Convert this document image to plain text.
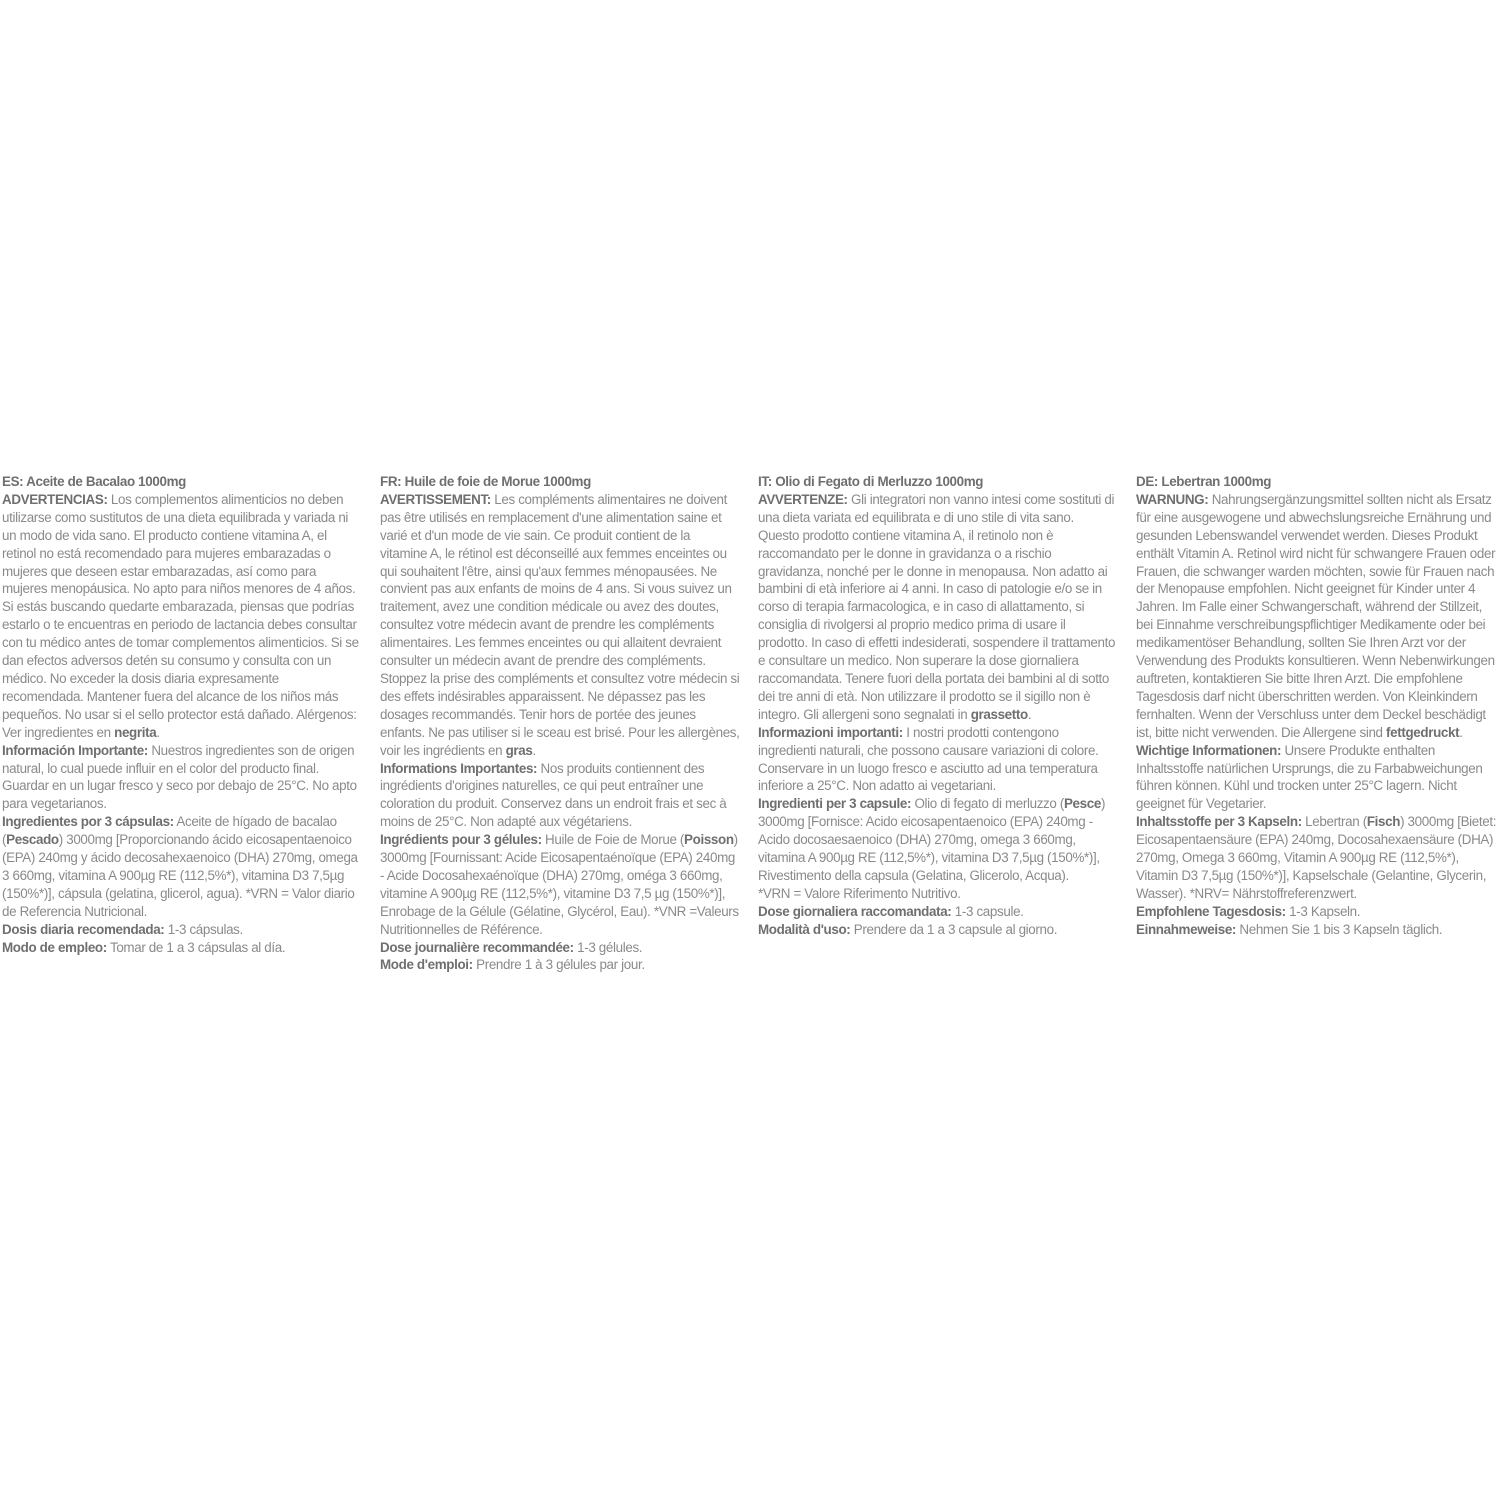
ES: Aceite de Bacalao 1000mg

ADVERTENCIAS: Los complementos alimenticios no deben utilizarse como sustitutos de una dieta equilibrada y variada ni un modo de vida sano. El producto contiene vitamina A, el retinol no está recomendado para mujeres embarazadas o mujeres que deseen estar embarazadas, así como para mujeres menopáusica. No apto para niños menores de 4 años. Si estás buscando quedarte embarazada, piensas que podrías estarlo o te encuentras en periodo de lactancia debes consultar con tu médico antes de tomar complementos alimenticios. Si se dan efectos adversos detén su consumo y consulta con un médico. No exceder la dosis diaria expresamente recomendada. Mantener fuera del alcance de los niños más pequeños. No usar si el sello protector está dañado. Alérgenos: Ver ingredientes en negrita.

Información Importante: Nuestros ingredientes son de origen natural, lo cual puede influir en el color del producto final. Guardar en un lugar fresco y seco por debajo de 25°C. No apto para vegetarianos.

Ingredientes por 3 cápsulas: Aceite de hígado de bacalao (Pescado) 3000mg [Proporcionando ácido eicosapentaenoico (EPA) 240mg y ácido decosahexaenoico (DHA) 270mg, omega 3 660mg, vitamina A 900µg RE (112,5%*), vitamina D3 7,5µg (150%*)], cápsula (gelatina, glicerol, agua). *VRN = Valor diario de Referencia Nutricional.

Dosis diaria recomendada: 1-3 cápsulas.

Modo de empleo: Tomar de 1 a 3 cápsulas al día.

FR: Huile de foie de Morue 1000mg

AVERTISSEMENT: Les compléments alimentaires ne doivent pas être utilisés en remplacement d'une alimentation saine et varié et d'un mode de vie sain. Ce produit contient de la vitamine A, le rétinol est déconseillé aux femmes enceintes ou qui souhaitent l'être, ainsi qu'aux femmes ménopausées. Ne convient pas aux enfants de moins de 4 ans. Si vous suivez un traitement, avez une condition médicale ou avez des doutes, consultez votre médecin avant de prendre les compléments alimentaires. Les femmes enceintes ou qui allaitent devraient consulter un médecin avant de prendre des compléments. Stoppez la prise des compléments et consultez votre médecin si des effets indésirables apparaissent. Ne dépassez pas les dosages recommandés. Tenir hors de portée des jeunes enfants. Ne pas utiliser si le sceau est brisé. Pour les allergènes, voir les ingrédients en gras.

Informations Importantes: Nos produits contiennent des ingrédients d'origines naturelles, ce qui peut entraîner une coloration du produit. Conservez dans un endroit frais et sec à moins de 25°C. Non adapté aux végétariens.

Ingrédients pour 3 gélules: Huile de Foie de Morue (Poisson) 3000mg [Fournissant: Acide Eicosapentaénoïque (EPA) 240mg - Acide Docosahexaénoïque (DHA) 270mg, oméga 3 660mg, vitamine A 900µg RE (112,5%*), vitamine D3 7,5 µg (150%*)], Enrobage de la Gélule (Gélatine, Glycérol, Eau). *VNR =Valeurs Nutritionnelles de Référence.

Dose journalière recommandée: 1-3 gélules.

Mode d'emploi: Prendre 1 à 3 gélules par jour.

IT: Olio di Fegato di Merluzzo 1000mg

AVVERTENZE: Gli integratori non vanno intesi come sostituti di una dieta variata ed equilibrata e di uno stile di vita sano. Questo prodotto contiene vitamina A, il retinolo non è raccomandato per le donne in gravidanza o a rischio gravidanza, nonché per le donne in menopausa. Non adatto ai bambini di età inferiore ai 4 anni. In caso di patologie e/o se in corso di terapia farmacologica, e in caso di allattamento, si consiglia di rivolgersi al proprio medico prima di usare il prodotto. In caso di effetti indesiderati, sospendere il trattamento e consultare un medico. Non superare la dose giornaliera raccomandata. Tenere fuori della portata dei bambini al di sotto dei tre anni di età. Non utilizzare il prodotto se il sigillo non è integro. Gli allergeni sono segnalati in grassetto.

Informazioni importanti: I nostri prodotti contengono ingredienti naturali, che possono causare variazioni di colore. Conservare in un luogo fresco e asciutto ad una temperatura inferiore a 25°C. Non adatto ai vegetariani.

Ingredienti per 3 capsule: Olio di fegato di merluzzo (Pesce) 3000mg [Fornisce: Acido eicosapentaenoico (EPA) 240mg - Acido docosaesaenoico (DHA) 270mg, omega 3 660mg, vitamina A 900µg RE (112,5%*), vitamina D3 7,5µg (150%*)], Rivestimento della capsula (Gelatina, Glicerolo, Acqua).

*VRN = Valore Riferimento Nutritivo.

Dose giornaliera raccomandata: 1-3 capsule.

Modalità d'uso: Prendere da 1 a 3 capsule al giorno.

DE: Lebertran 1000mg

WARNUNG: Nahrungsergänzungsmittel sollten nicht als Ersatz für eine ausgewogene und abwechslungsreiche Ernährung und gesunden Lebenswandel verwendet werden. Dieses Produkt enthält Vitamin A. Retinol wird nicht für schwangere Frauen oder Frauen, die schwanger warden möchten, sowie für Frauen nach der Menopause empfohlen. Nicht geeignet für Kinder unter 4 Jahren. Im Falle einer Schwangerschaft, während der Stillzeit, bei Einnahme verschreibungspflichtiger Medikamente oder bei medikamentöser Behandlung, sollten Sie Ihren Arzt vor der Verwendung des Produkts konsultieren. Wenn Nebenwirkungen auftreten, kontaktieren Sie bitte Ihren Arzt. Die empfohlene Tagesdosis darf nicht überschritten werden. Von Kleinkindern fernhalten. Wenn der Verschluss unter dem Deckel beschädigt ist, bitte nicht verwenden. Die Allergene sind fettgedruckt.

Wichtige Informationen: Unsere Produkte enthalten Inhaltsstoffe natürlichen Ursprungs, die zu Farbabweichungen führen können. Kühl und trocken unter 25°C lagern. Nicht geeignet für Vegetarier.

Inhaltsstoffe per 3 Kapseln: Lebertran (Fisch) 3000mg [Bietet: Eicosapentaensäure (EPA) 240mg, Docosahexaensäure (DHA) 270mg, Omega 3 660mg, Vitamin A 900µg RE (112,5%*), Vitamin D3 7,5µg (150%*)], Kapselschale (Gelantine, Glycerin, Wasser). *NRV= Nährstoffreferenzwert.

Empfohlene Tagesdosis: 1-3 Kapseln.

Einnahmeweise: Nehmen Sie 1 bis 3 Kapseln täglich.
